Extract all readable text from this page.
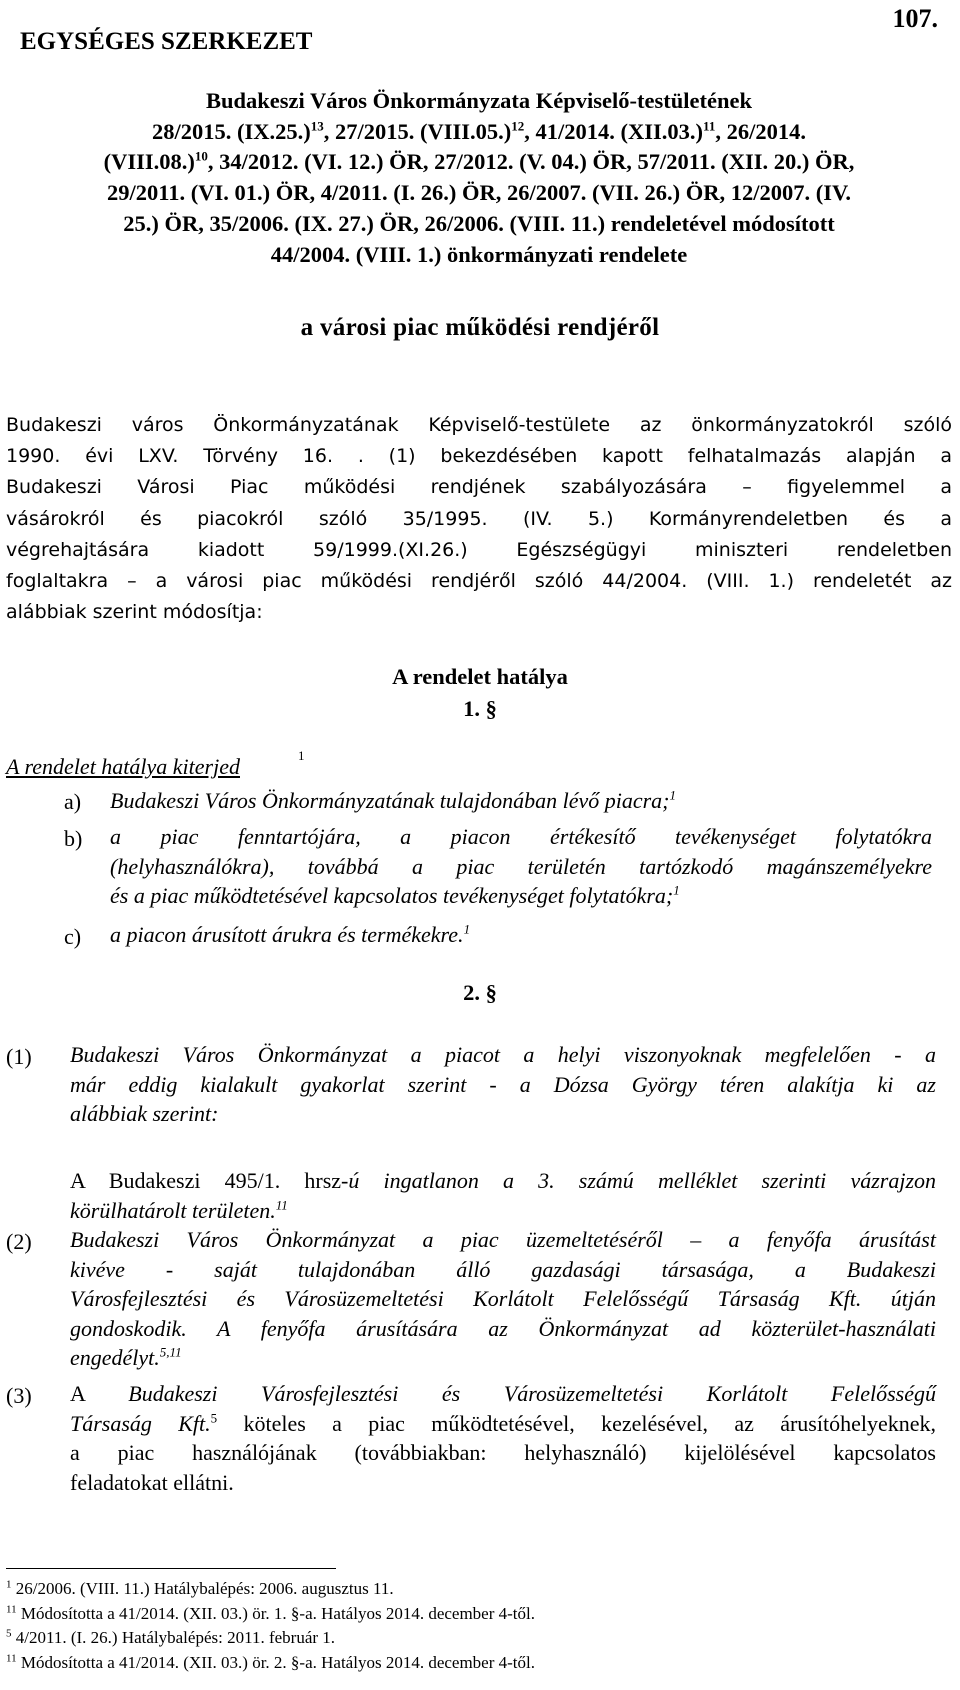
EGYSÉGES SZERKEZET
107.
Budakeszi Város Önkormányzata Képviselő-testületének
28/2015. $(IX.25.)^{13}$, 27/2015. (VIII.05.)$^{12}$, 41/2014. $(XII.03.)^{11}$, 26/2014.
(VIII.08.)$^{10}$, 34/2012. (VI. 12.) ÖR, 27/2012. (V. 04.) ÖR, 57/2011. (XII. 20.) ÖR,
29/2011. (VI. 01.) ÖR, 4/2011. (I. 26.) ÖR, 26/2007. (VII. 26.) ÖR, 12/2007. (IV.
25.) ÖR, 35/2006. (IX. 27.) ÖR, 26/2006. (VIII. 11.) rendeletével módosított
44/2004. (VIII. 1.) önkormányzati rendelete
a városi piac működési rendjéről
Budakeszi város Önkormányzatának Képviselő-testülete az önkormányzatokról szóló
1990. évi LXV. Törvény 16. . (1) bekezdésében kapott felhatalmazás alapján a
Budakeszi Városi Piac működési rendjének szabályozására – figyelemmel a
vásárokról és piacokról szóló 35/1995. (IV. 5.) Kormányrendeletben és a
végrehajtására kiadott 59/1999.(XI.26.) Egészségügyi miniszteri rendeletben
foglaltakra – a városi piac működési rendjéről szóló 44/2004. (VIII. 1.) rendeletét az
alábbiak szerint módosítja:
A rendelet hatálya
1. §
A rendelet hatálya kiterjed	1
a) Budakeszi Város Önkormányzatának tulajdonában lévő piacra;$^1$
b) a piac fenntartójára, a piacon értékesítő tevékenységet folytatókra
(helyhasználókra), továbbá a piac területén tartózkodó magánszemélyekre
és a piac működtetésével kapcsolatos tevékenységet folytatókra;$^1$
c) a piacon árusított árukra és termékekre.$^1$
2. §
(1) Budakeszi Város Önkormányzat a piacot a helyi viszonyoknak megfelelően - a
már eddig kialakult gyakorlat szerint - a Dózsa György téren alakítja ki az
alábbiak szerint:
A Budakeszi 495/1. hrsz-ú ingatlanon a 3. számú melléklet szerinti vázrajzon
körülhatárolt területen.$^{11}$
(2) Budakeszi Város Önkormányzat a piac üzemeltetéséről – a fenyőfa árusítást
kivéve - saját tulajdonában álló gazdasági társasága, a Budakeszi
Városfejlesztési és Városüzemeltetési Korlátolt Felelősségű Társaság Kft. útján
gondoskodik. A fenyőfa árusítására az Önkormányzat ad közterület-használati
engedélyt.$^{5,11}$
(3) A Budakeszi Városfejlesztési és Városüzemeltetési Korlátolt Felelősségű
Társaság Kft.$^5$ köteles a piac működtetésével, kezelésével, az árusítóhelyeknek,
a piac használójának (továbbiakban: helyhasználó) kijelölésével kapcsolatos
feladatokat ellátni.
$^1$ 26/2006. (VIII. 11.) Hatálybalépés: 2006. augusztus 11.
$^{11}$ Módosította a 41/2014. (XII. 03.) ör. 1. §-a. Hatályos 2014. december 4-től.
$^5$ 4/2011. (I. 26.) Hatálybalépés: 2011. február 1.
$^{11}$ Módosította a 41/2014. (XII. 03.) ör. 2. §-a. Hatályos 2014. december 4-től.
